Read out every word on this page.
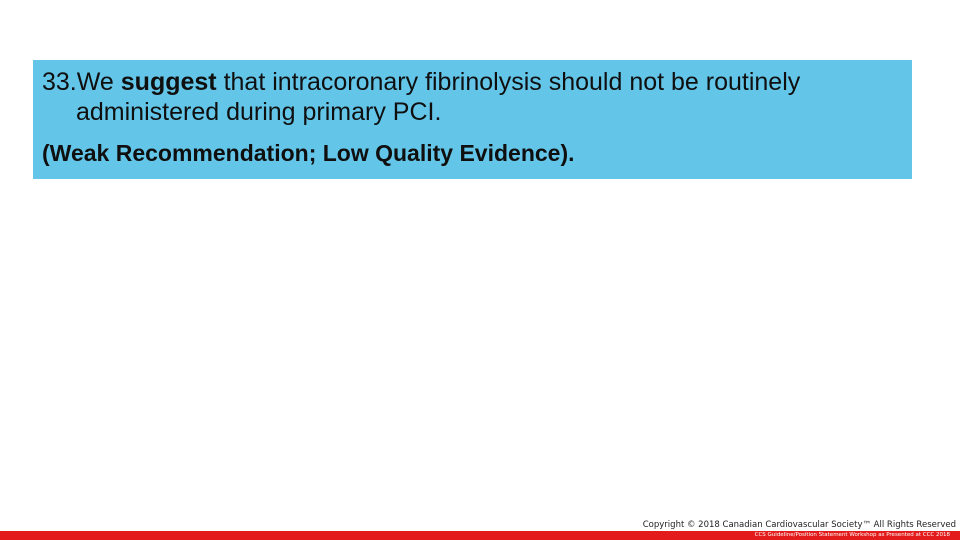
33.We suggest that intracoronary fibrinolysis should not be routinely
administered during primary PCI.
(Weak Recommendation; Low Quality Evidence).
Copyright © 2018 Canadian Cardiovascular Society™ All Rights Reserved
CCS Guideline/Position Statement Workshop as Presented at CCC 2018
